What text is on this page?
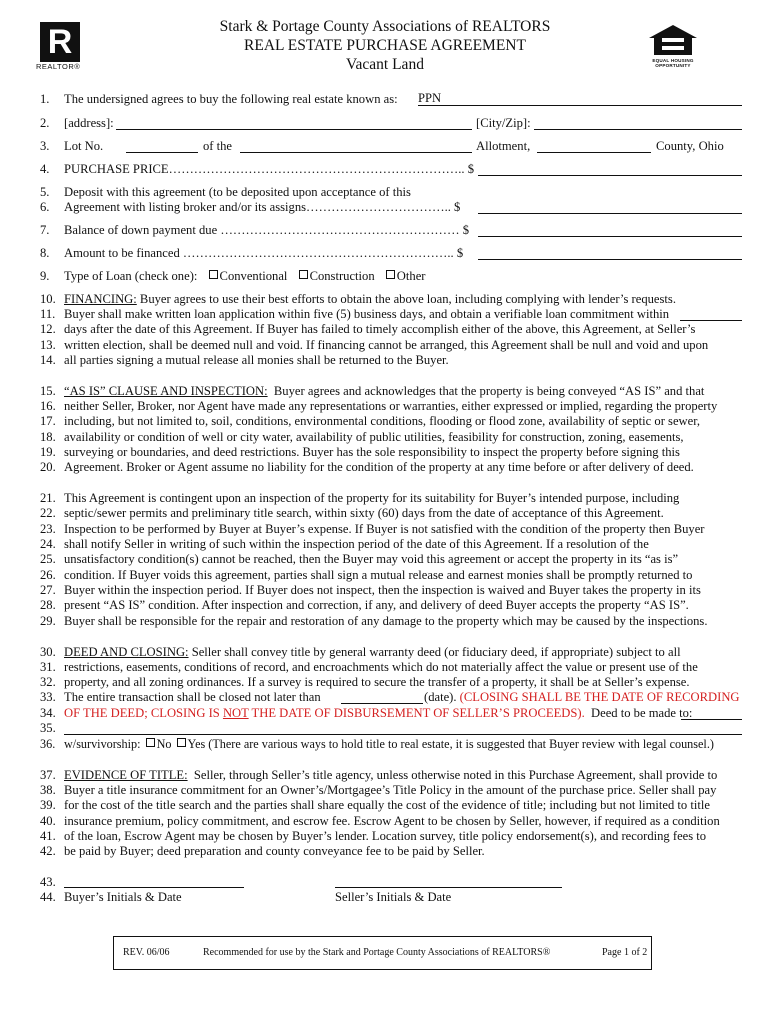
R
REALTOR®
EQUAL HOUSING
OPPORTUNITY
Stark & Portage County Associations of REALTORS
REAL ESTATE PURCHASE AGREEMENT
Vacant Land
1. The undersigned agrees to buy the following real estate known as: PPN
2. [address]:	[City/Zip]:
3. Lot No.	of the	Allotment,	County, Ohio
4. PURCHASE PRICE…………………………………………………………….. $
5. Deposit with this agreement (to be deposited upon acceptance of this
6. Agreement with listing broker and/or its assigns…………………………….. $
7. Balance of down payment due ………………………………………………… $
8. Amount to be financed ……………………………………………………….. $
9. Type of Loan (check one): Conventional Construction Other
10. FINANCING: Buyer agrees to use their best efforts to obtain the above loan, including complying with lender’s requests.
11. Buyer shall make written loan application within five (5) business days, and obtain a verifiable loan commitment within
12. days after the date of this Agreement. If Buyer has failed to timely accomplish either of the above, this Agreement, at Seller’s
13. written election, shall be deemed null and void. If financing cannot be arranged, this Agreement shall be null and void and upon
14. all parties signing a mutual release all monies shall be returned to the Buyer.
15. “AS IS” CLAUSE AND INSPECTION: Buyer agrees and acknowledges that the property is being conveyed “AS IS” and that
16. neither Seller, Broker, nor Agent have made any representations or warranties, either expressed or implied, regarding the property
17. including, but not limited to, soil, conditions, environmental conditions, flooding or flood zone, availability of septic or sewer,
18. availability or condition of well or city water, availability of public utilities, feasibility for construction, zoning, easements,
19. surveying or boundaries, and deed restrictions. Buyer has the sole responsibility to inspect the property before signing this
20. Agreement. Broker or Agent assume no liability for the condition of the property at any time before or after delivery of deed.
21. This Agreement is contingent upon an inspection of the property for its suitability for Buyer’s intended purpose, including
22. septic/sewer permits and preliminary title search, within sixty (60) days from the date of acceptance of this Agreement.
23. Inspection to be performed by Buyer at Buyer’s expense. If Buyer is not satisfied with the condition of the property then Buyer
24. shall notify Seller in writing of such within the inspection period of the date of this Agreement. If a resolution of the
25. unsatisfactory condition(s) cannot be reached, then the Buyer may void this agreement or accept the property in its “as is”
26. condition. If Buyer voids this agreement, parties shall sign a mutual release and earnest monies shall be promptly returned to
27. Buyer within the inspection period. If Buyer does not inspect, then the inspection is waived and Buyer takes the property in its
28. present “AS IS” condition. After inspection and correction, if any, and delivery of deed Buyer accepts the property “AS IS”.
29. Buyer shall be responsible for the repair and restoration of any damage to the property which may be caused by the inspections.
30. DEED AND CLOSING: Seller shall convey title by general warranty deed (or fiduciary deed, if appropriate) subject to all
31. restrictions, easements, conditions of record, and encroachments which do not materially affect the value or present use of the
32. property, and all zoning ordinances. If a survey is required to secure the transfer of a property, it shall be at Seller’s expense.
33. The entire transaction shall be closed not later than	(date). (CLOSING SHALL BE THE DATE OF RECORDING
34. OF THE DEED; CLOSING IS NOT THE DATE OF DISBURSEMENT OF SELLER’S PROCEEDS). Deed to be made to:
35.
36. w/survivorship: No Yes (There are various ways to hold title to real estate, it is suggested that Buyer review with legal counsel.)
37. EVIDENCE OF TITLE: Seller, through Seller’s title agency, unless otherwise noted in this Purchase Agreement, shall provide to
38. Buyer a title insurance commitment for an Owner’s/Mortgagee’s Title Policy in the amount of the purchase price. Seller shall pay
39. for the cost of the title search and the parties shall share equally the cost of the evidence of title; including but not limited to title
40. insurance premium, policy commitment, and escrow fee. Escrow Agent to be chosen by Seller, however, if required as a condition
41. of the loan, Escrow Agent may be chosen by Buyer’s lender. Location survey, title policy endorsement(s), and recording fees to
42. be paid by Buyer; deed preparation and county conveyance fee to be paid by Seller.
43.
44. Buyer’s Initials & Date	Seller’s Initials & Date
REV. 06/06	Recommended for use by the Stark and Portage County Associations of REALTORS®	Page 1 of 2
